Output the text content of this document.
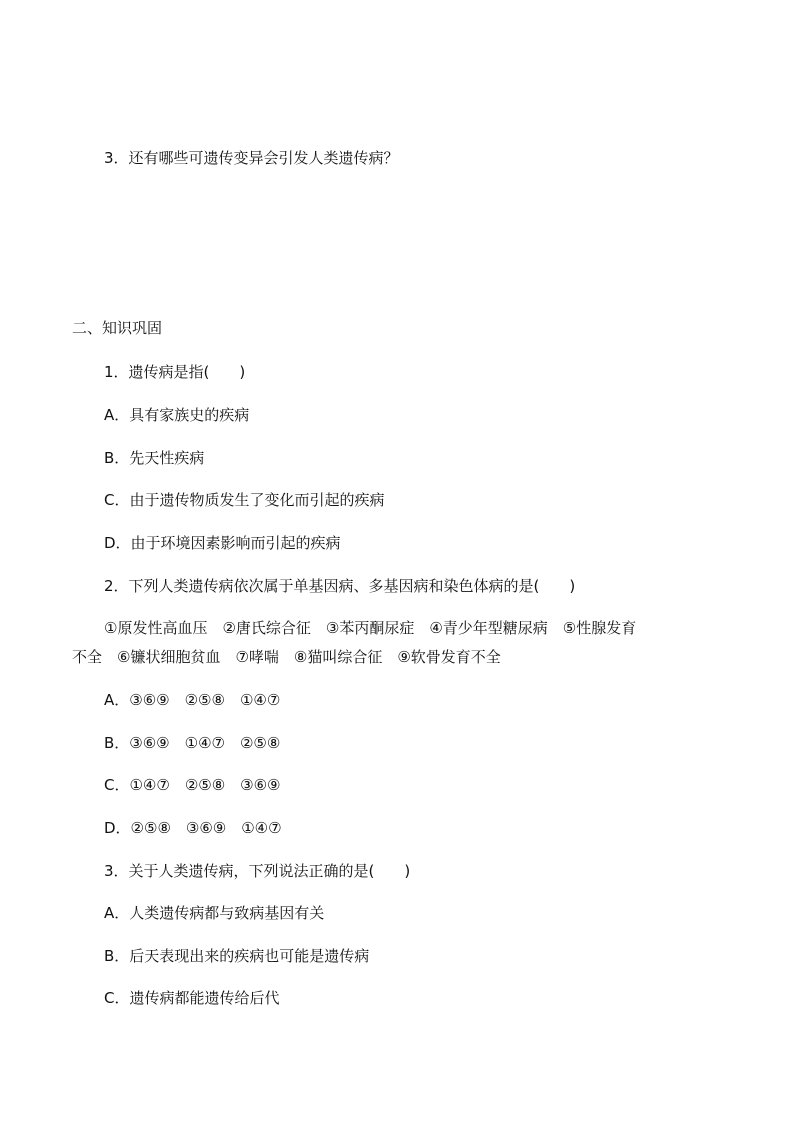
3．还有哪些可遗传变异会引发人类遗传病？
二、知识巩固
1．遗传病是指(　　)
A．具有家族史的疾病
B．先天性疾病
C．由于遗传物质发生了变化而引起的疾病
D．由于环境因素影响而引起的疾病
2．下列人类遗传病依次属于单基因病、多基因病和染色体病的是(　　)
①原发性高血压　②唐氏综合征　③苯丙酮尿症　④青少年型糖尿病　⑤性腺发育
不全　⑥镰状细胞贫血　⑦哮喘　⑧猫叫综合征　⑨软骨发育不全
A．③⑥⑨　②⑤⑧　①④⑦
B．③⑥⑨　①④⑦　②⑤⑧
C．①④⑦　②⑤⑧　③⑥⑨
D．②⑤⑧　③⑥⑨　①④⑦
3．关于人类遗传病，下列说法正确的是(　　)
A．人类遗传病都与致病基因有关
B．后天表现出来的疾病也可能是遗传病
C．遗传病都能遗传给后代
